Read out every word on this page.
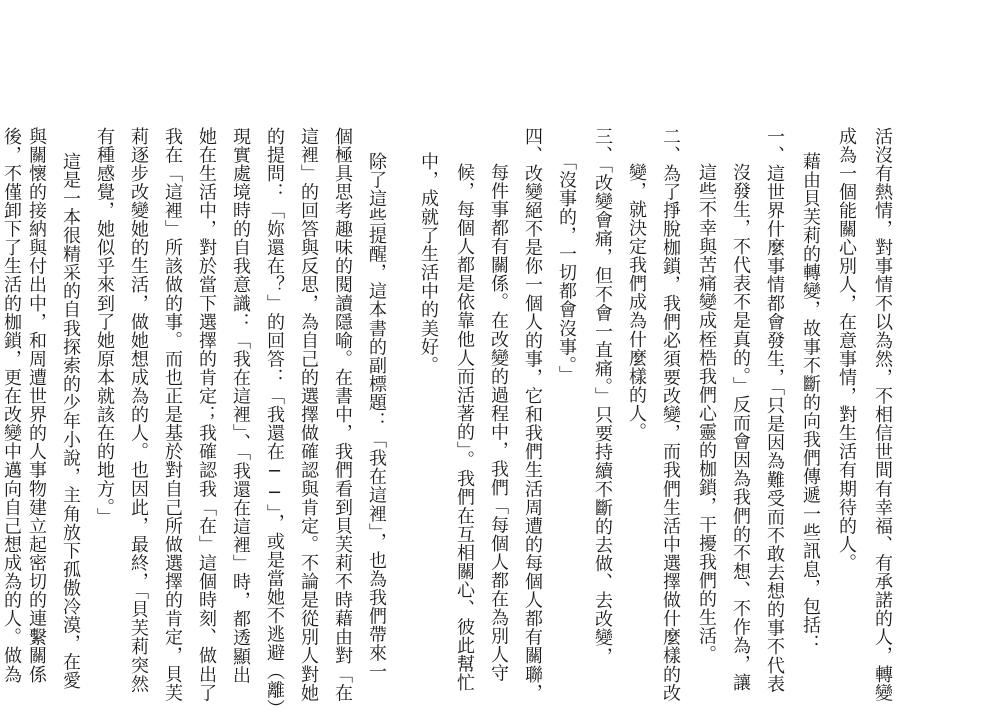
活沒有熱情，對事情不以為然，不相信世間有幸福、有承諾的人，轉變

成為一個能關心別人，在意事情，對生活有期待的人。

藉由貝芙莉的轉變，故事不斷的向我們傳遞一些訊息，包括：

一、這世界什麼事情都會發生，「只是因為難受而不敢去想的事不代表

沒發生，不代表不是真的。」反而會因為我們的不想、不作為，讓

這些不幸與苦痛變成桎梏我們心靈的枷鎖，干擾我們的生活。

二、為了掙脫枷鎖，我們必須要改變，而我們生活中選擇做什麼樣的改

變，就決定我們成為什麼樣的人。

三、「改變會痛，但不會一直痛。」只要持續不斷的去做、去改變，

「沒事的，一切都會沒事。」

四、改變絕不是你一個人的事，它和我們生活周遭的每個人都有關聯，

每件事都有關係。在改變的過程中，我們「每個人都在為別人守

候，每個人都是依靠他人而活著的」。我們在互相關心、彼此幫忙

中，成就了生活中的美好。

除了這些提醒，這本書的副標題：「我在這裡」，也為我們帶來一

個極具思考趣味的閱讀隱喻。在書中，我們看到貝芙莉不時藉由對「在

這裡」的回答與反思，為自己的選擇做確認與肯定。不論是從別人對她

的提問：「妳還在？」的回答：「我還在──」，或是當她不逃避（離）

現實處境時的自我意識：「我在這裡」、「我還在這裡」時，都透顯出

她在生活中，對於當下選擇的肯定；我確認我「在」這個時刻、做出了

我在「這裡」所該做的事。而也正是基於對自己所做選擇的肯定，貝芙

莉逐步改變她的生活，做她想成為的人。也因此，最終，「貝芙莉突然

有種感覺，她似乎來到了她原本就該在的地方。」

這是一本很精采的自我探索的少年小說，主角放下孤傲冷漠，在愛

與關懷的接納與付出中，和周遭世界的人事物建立起密切的連繫關係

後，不僅卸下了生活的枷鎖，更在改變中邁向自己想成為的人。做為
